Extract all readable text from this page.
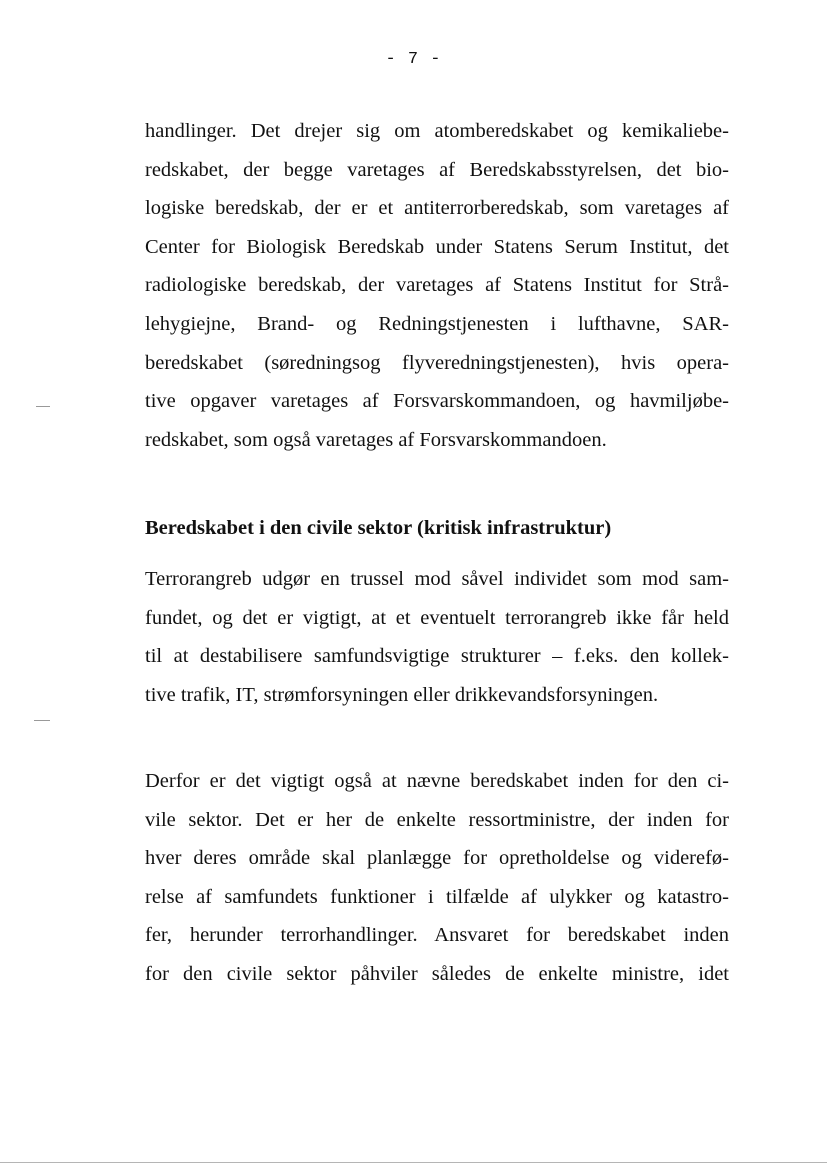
- 7 -
handlinger. Det drejer sig om atomberedskabet og kemikaliebe-
redskabet, der begge varetages af Beredskabsstyrelsen, det bio-
logiske beredskab, der er et antiterrorberedskab, som varetages af
Center for Biologisk Beredskab under Statens Serum Institut, det
radiologiske beredskab, der varetages af Statens Institut for Strå-
lehygiejne, Brand- og Redningstjenesten i lufthavne, SAR-
beredskabet (søredningsog flyveredningstjenesten), hvis opera-
tive opgaver varetages af Forsvarskommandoen, og havmiljøbe-
redskabet, som også varetages af Forsvarskommandoen.
Beredskabet i den civile sektor (kritisk infrastruktur)
Terrorangreb udgør en trussel mod såvel individet som mod sam-
fundet, og det er vigtigt, at et eventuelt terrorangreb ikke får held
til at destabilisere samfundsvigtige strukturer – f.eks. den kollek-
tive trafik, IT, strømforsyningen eller drikkevandsforsyningen.
Derfor er det vigtigt også at nævne beredskabet inden for den ci-
vile sektor. Det er her de enkelte ressortministre, der inden for
hver deres område skal planlægge for opretholdelse og viderefø-
relse af samfundets funktioner i tilfælde af ulykker og katastro-
fer, herunder terrorhandlinger. Ansvaret for beredskabet inden
for den civile sektor påhviler således de enkelte ministre, idet
